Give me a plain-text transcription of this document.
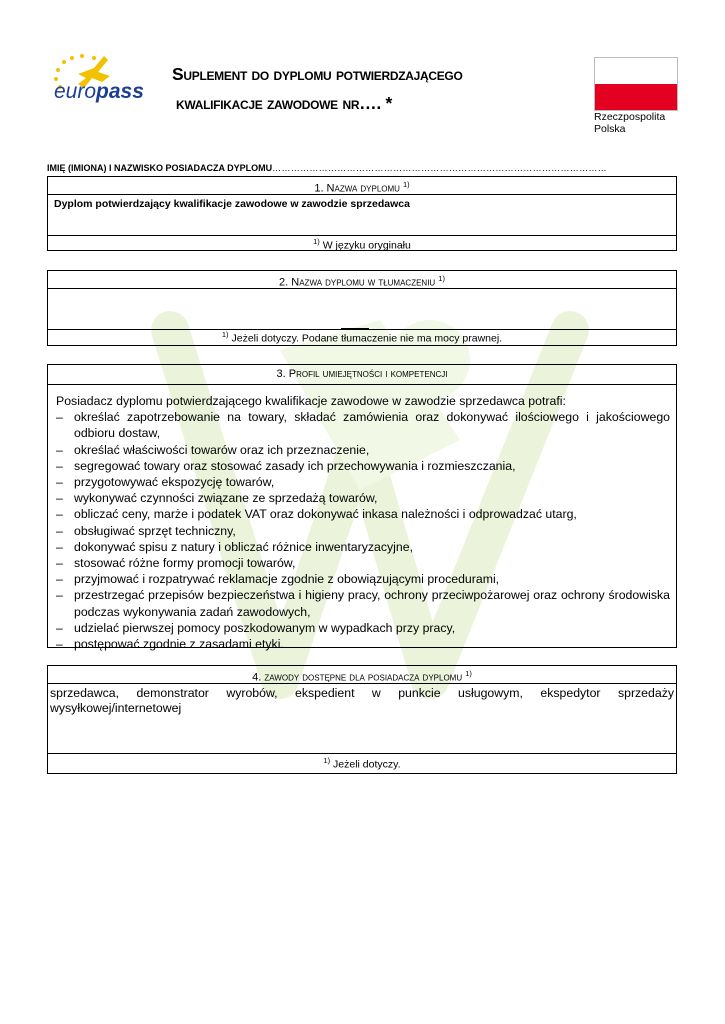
europass
Suplement do dyplomu potwierdzającego
kwalifikacje zawodowe nr…. *
Rzeczpospolita
Polska
IMIĘ (IMIONA) I NAZWISKO POSIADACZA DYPLOMU………………………………………………………………………………………………
1. Nazwa dyplomu $^{1)}$
Dyplom potwierdzający kwalifikacje zawodowe w zawodzie sprzedawca
$^{1)}$ W języku oryginału
2. Nazwa dyplomu w tłumaczeniu $^{1)}$
$^{1)}$ Jeżeli dotyczy. Podane tłumaczenie nie ma mocy prawnej.
3. Profil umiejętności i kompetencji
Posiadacz dyplomu potwierdzającego kwalifikacje zawodowe w zawodzie sprzedawca potrafi:
– określać zapotrzebowanie na towary, składać zamówienia oraz dokonywać ilościowego i jakościowego odbioru dostaw,
– określać właściwości towarów oraz ich przeznaczenie,
– segregować towary oraz stosować zasady ich przechowywania i rozmieszczania,
– przygotowywać ekspozycję towarów,
– wykonywać czynności związane ze sprzedażą towarów,
– obliczać ceny, marże i podatek VAT oraz dokonywać inkasa należności i odprowadzać utarg,
– obsługiwać sprzęt techniczny,
– dokonywać spisu z natury i obliczać różnice inwentaryzacyjne,
– stosować różne formy promocji towarów,
– przyjmować i rozpatrywać reklamacje zgodnie z obowiązującymi procedurami,
– przestrzegać przepisów bezpieczeństwa i higieny pracy, ochrony przeciwpożarowej oraz ochrony środowiska podczas wykonywania zadań zawodowych,
– udzielać pierwszej pomocy poszkodowanym w wypadkach przy pracy,
– postępować zgodnie z zasadami etyki.
4. zawody dostępne dla posiadacza dyplomu $^{1)}$
sprzedawca, demonstrator wyrobów, ekspedient w punkcie usługowym, ekspedytor sprzedaży wysyłkowej/internetowej
$^{1)}$ Jeżeli dotyczy.
